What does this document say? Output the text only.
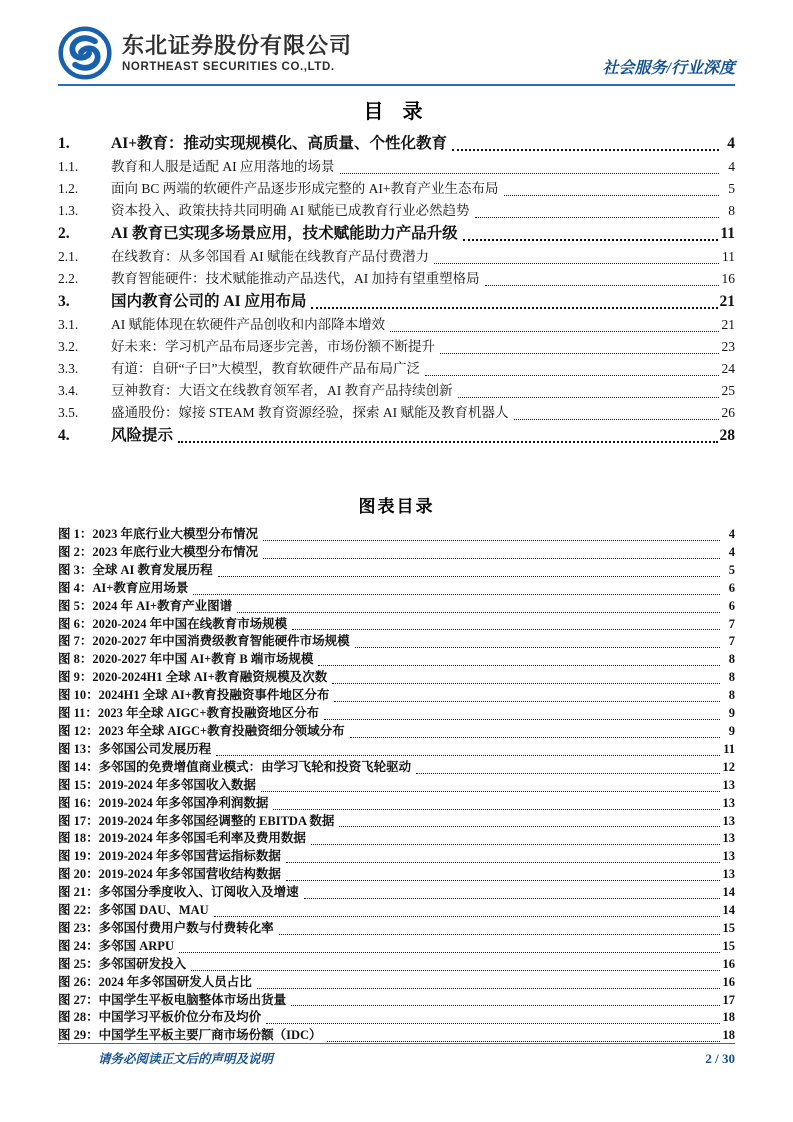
东北证券股份有限公司
NORTHEAST SECURITIES CO.,LTD.	社会服务/行业深度
目 录
1.	AI+教育：推动实现规模化、高质量、个性化教育	4
1.1.	教育和人服是适配 AI 应用落地的场景	4
1.2.	面向 BC 两端的软硬件产品逐步形成完整的 AI+教育产业生态布局	5
1.3.	资本投入、政策扶持共同明确 AI 赋能已成教育行业必然趋势	8
2.	AI 教育已实现多场景应用，技术赋能助力产品升级	11
2.1.	在线教育：从多邻国看 AI 赋能在线教育产品付费潜力	11
2.2.	教育智能硬件：技术赋能推动产品迭代，AI 加持有望重塑格局	16
3.	国内教育公司的 AI 应用布局	21
3.1.	AI 赋能体现在软硬件产品创收和内部降本增效	21
3.2.	好未来：学习机产品布局逐步完善，市场份额不断提升	23
3.3.	有道：自研“子曰”大模型，教育软硬件产品布局广泛	24
3.4.	豆神教育：大语文在线教育领军者，AI 教育产品持续创新	25
3.5.	盛通股份：嫁接 STEAM 教育资源经验，探索 AI 赋能及教育机器人	26
4.	风险提示	28
图表目录
图 1：2023 年底行业大模型分布情况	4
图 2：2023 年底行业大模型分布情况	4
图 3：全球 AI 教育发展历程	5
图 4：AI+教育应用场景	6
图 5：2024 年 AI+教育产业图谱	6
图 6：2020-2024 年中国在线教育市场规模	7
图 7：2020-2027 年中国消费级教育智能硬件市场规模	7
图 8：2020-2027 年中国 AI+教育 B 端市场规模	8
图 9：2020-2024H1 全球 AI+教育融资规模及次数	8
图 10：2024H1 全球 AI+教育投融资事件地区分布	8
图 11：2023 年全球 AIGC+教育投融资地区分布	9
图 12：2023 年全球 AIGC+教育投融资细分领域分布	9
图 13：多邻国公司发展历程	11
图 14：多邻国的免费增值商业模式：由学习飞轮和投资飞轮驱动	12
图 15：2019-2024 年多邻国收入数据	13
图 16：2019-2024 年多邻国净利润数据	13
图 17：2019-2024 年多邻国经调整的 EBITDA 数据	13
图 18：2019-2024 年多邻国毛利率及费用数据	13
图 19：2019-2024 年多邻国营运指标数据	13
图 20：2019-2024 年多邻国营收结构数据	13
图 21：多邻国分季度收入、订阅收入及增速	14
图 22：多邻国 DAU、MAU	14
图 23：多邻国付费用户数与付费转化率	15
图 24：多邻国 ARPU	15
图 25：多邻国研发投入	16
图 26：2024 年多邻国研发人员占比	16
图 27：中国学生平板电脑整体市场出货量	17
图 28：中国学习平板价位分布及均价	18
图 29：中国学生平板主要厂商市场份额（IDC）	18
请务必阅读正文后的声明及说明	2 / 30
